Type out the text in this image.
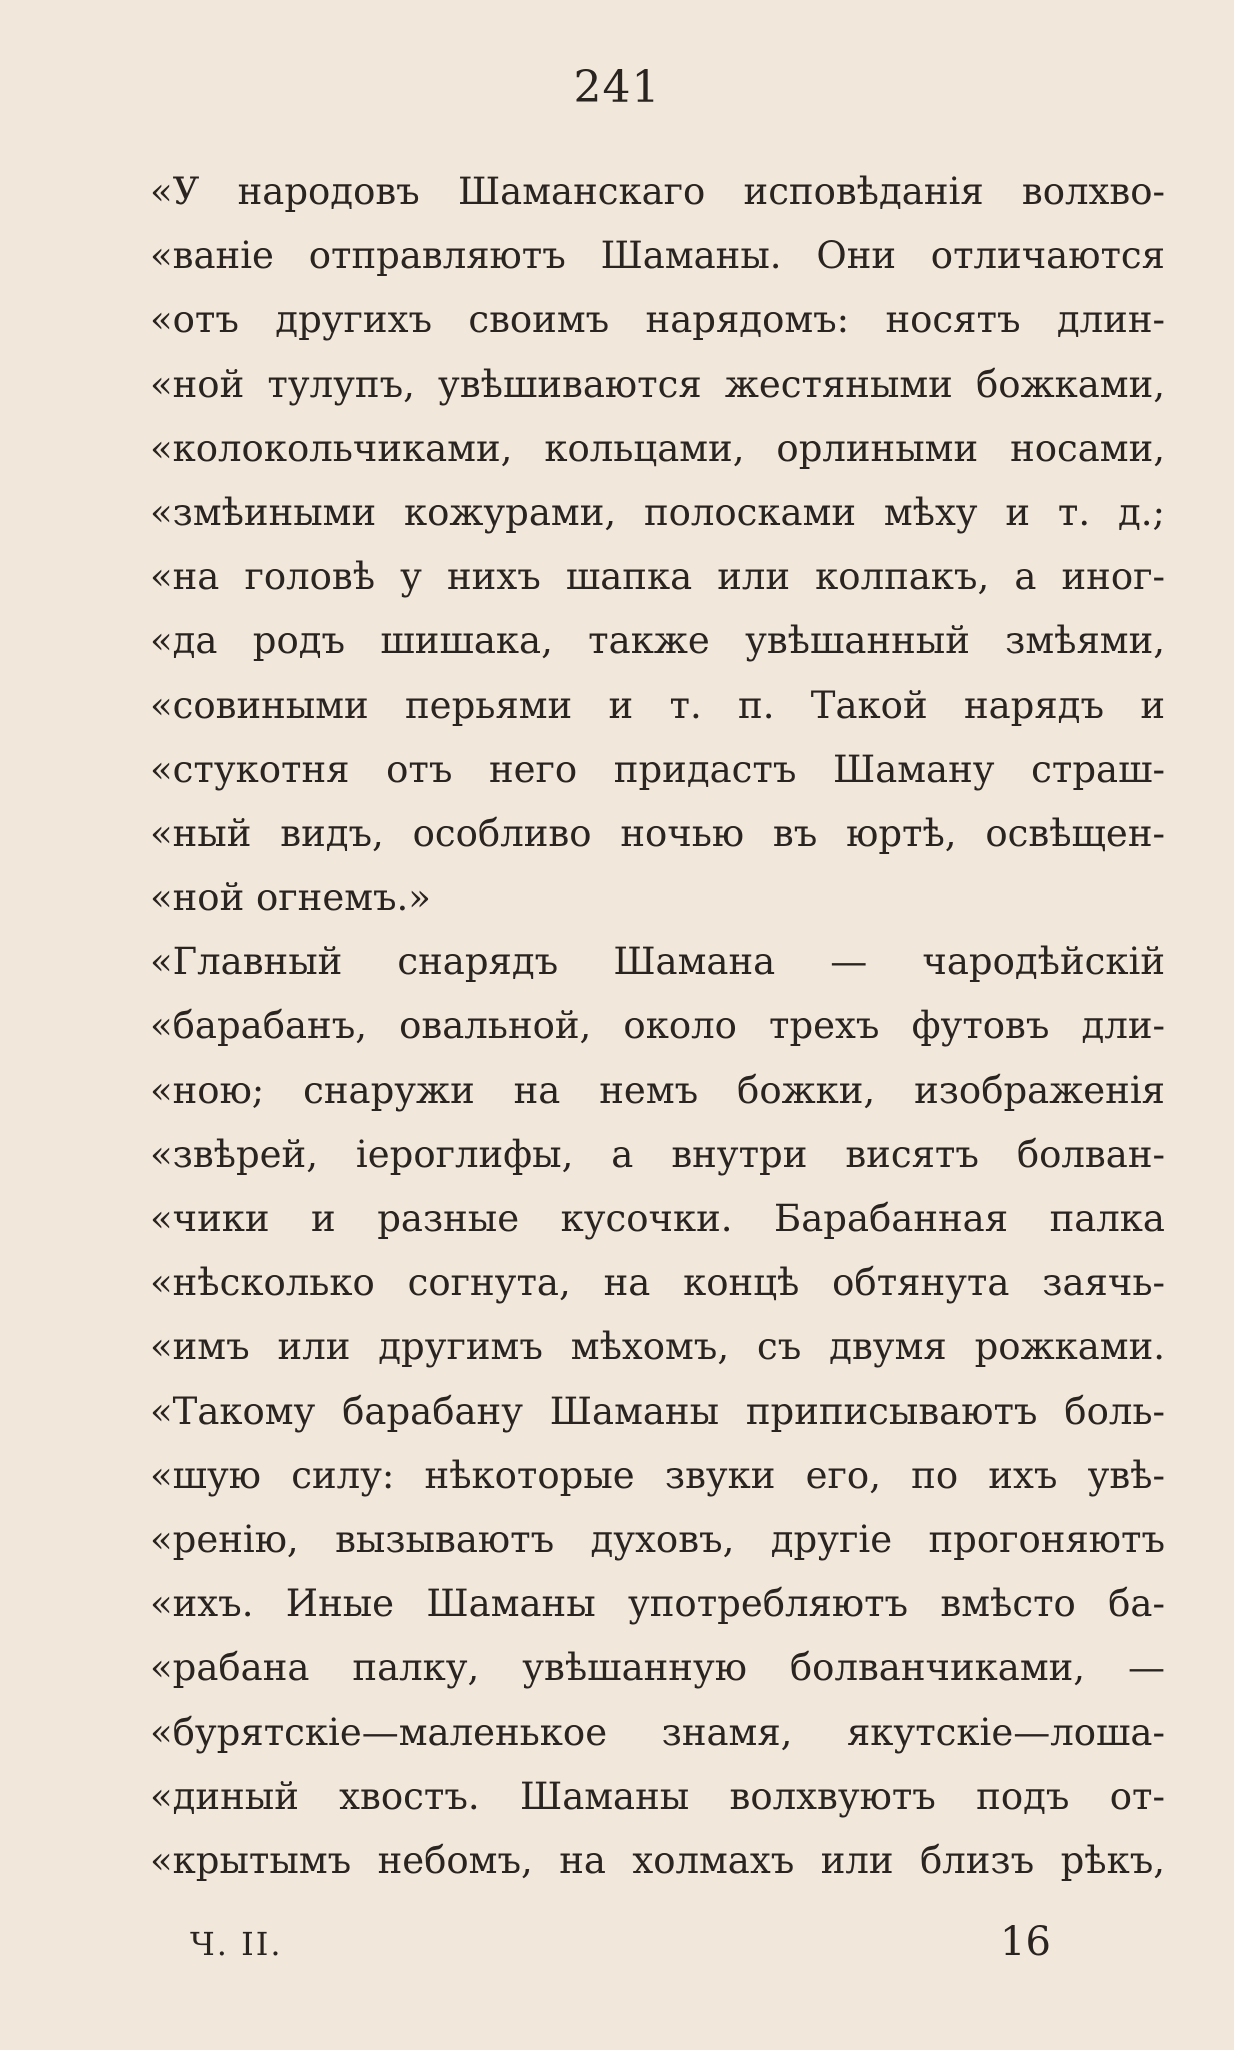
241
«У народовъ Шаманскаго исповѣданія волхво-
«ваніе отправляютъ Шаманы. Они отличаются
«отъ другихъ своимъ нарядомъ: носятъ длин-
«ной тулупъ, увѣшиваются жестяными божками,
«колокольчиками, кольцами, орлиными носами,
«змѣиными кожурами, полосками мѣху и т. д.;
«на головѣ у нихъ шапка или колпакъ, а иног-
«да родъ шишака, также увѣшанный змѣями,
«совиными перьями и т. п. Такой нарядъ и
«стукотня отъ него придастъ Шаману страш-
«ный видъ, особливо ночью въ юртѣ, освѣщен-
«ной огнемъ.»
«Главный снарядъ Шамана — чародѣйскій
«барабанъ, овальной, около трехъ футовъ дли-
«ною; снаружи на немъ божки, изображенія
«звѣрей, іероглифы, а внутри висятъ болван-
«чики и разные кусочки. Барабанная палка
«нѣсколько согнута, на концѣ обтянута заячь-
«имъ или другимъ мѣхомъ, съ двумя рожками.
«Такому барабану Шаманы приписываютъ боль-
«шую силу: нѣкоторые звуки его, по ихъ увѣ-
«ренію, вызываютъ духовъ, другіе прогоняютъ
«ихъ. Иные Шаманы употребляютъ вмѣсто ба-
«рабана палку, увѣшанную болванчиками, —
«бурятскіе—маленькое знамя, якутскіе—лоша-
«диный хвостъ. Шаманы волхвуютъ подъ от-
«крытымъ небомъ, на холмахъ или близъ рѣкъ,
Ч. II.	16
